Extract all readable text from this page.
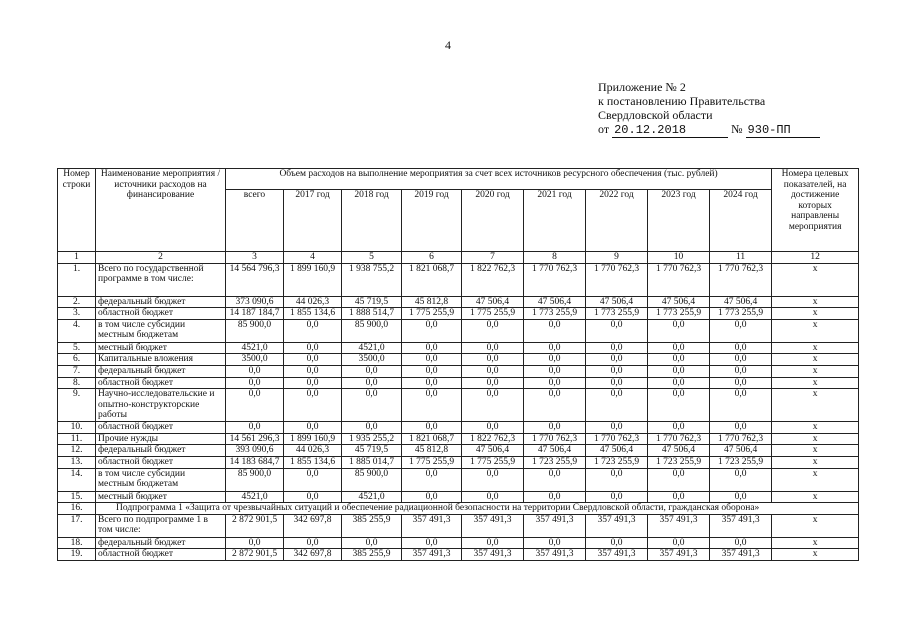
4
Приложение № 2
к постановлению Правительства
Свердловской области
от 20.12.2018	№ 930-ПП
Номер строки	Наименование мероприятия / источники расходов на финансирование	Объем расходов на выполнение мероприятия за счет всех источников ресурсного обеспечения (тыс. рублей)									Номера целевых показателей, на достижение которых направлены мероприятия
		всего	2017 год	2018 год	2019 год	2020 год	2021 год	2022 год	2023 год	2024 год	
1	2	3	4	5	6	7	8	9	10	11	12
1.	Всего по государственной программе в том числе:	14 564 796,3	1 899 160,9	1 938 755,2	1 821 068,7	1 822 762,3	1 770 762,3	1 770 762,3	1 770 762,3	1 770 762,3	х
2.	федеральный бюджет	373 090,6	44 026,3	45 719,5	45 812,8	47 506,4	47 506,4	47 506,4	47 506,4	47 506,4	х
3.	областной бюджет	14 187 184,7	1 855 134,6	1 888 514,7	1 775 255,9	1 775 255,9	1 773 255,9	1 773 255,9	1 773 255,9	1 773 255,9	х
4.	в том числе субсидии местным бюджетам	85 900,0	0,0	85 900,0	0,0	0,0	0,0	0,0	0,0	0,0	х
5.	местный бюджет	4521,0	0,0	4521,0	0,0	0,0	0,0	0,0	0,0	0,0	х
6.	Капитальные вложения	3500,0	0,0	3500,0	0,0	0,0	0,0	0,0	0,0	0,0	х
7.	федеральный бюджет	0,0	0,0	0,0	0,0	0,0	0,0	0,0	0,0	0,0	х
8.	областной бюджет	0,0	0,0	0,0	0,0	0,0	0,0	0,0	0,0	0,0	х
9.	Научно-исследовательские и опытно-конструкторские работы	0,0	0,0	0,0	0,0	0,0	0,0	0,0	0,0	0,0	х
10.	областной бюджет	0,0	0,0	0,0	0,0	0,0	0,0	0,0	0,0	0,0	х
11.	Прочие нужды	14 561 296,3	1 899 160,9	1 935 255,2	1 821 068,7	1 822 762,3	1 770 762,3	1 770 762,3	1 770 762,3	1 770 762,3	х
12.	федеральный бюджет	393 090,6	44 026,3	45 719,5	45 812,8	47 506,4	47 506,4	47 506,4	47 506,4	47 506,4	х
13.	областной бюджет	14 183 684,7	1 855 134,6	1 885 014,7	1 775 255,9	1 775 255,9	1 723 255,9	1 723 255,9	1 723 255,9	1 723 255,9	х
14.	в том числе субсидии местным бюджетам	85 900,0	0,0	85 900,0	0,0	0,0	0,0	0,0	0,0	0,0	х
15.	местный бюджет	4521,0	0,0	4521,0	0,0	0,0	0,0	0,0	0,0	0,0	х
16.	Подпрограмма 1 «Защита от чрезвычайных ситуаций и обеспечение радиационной безопасности на территории Свердловской области, гражданская оборона»										
17.	Всего по подпрограмме 1 в том числе:	2 872 901,5	342 697,8	385 255,9	357 491,3	357 491,3	357 491,3	357 491,3	357 491,3	357 491,3	х
18.	федеральный бюджет	0,0	0,0	0,0	0,0	0,0	0,0	0,0	0,0	0,0	х
19.	областной бюджет	2 872 901,5	342 697,8	385 255,9	357 491,3	357 491,3	357 491,3	357 491,3	357 491,3	357 491,3	х
